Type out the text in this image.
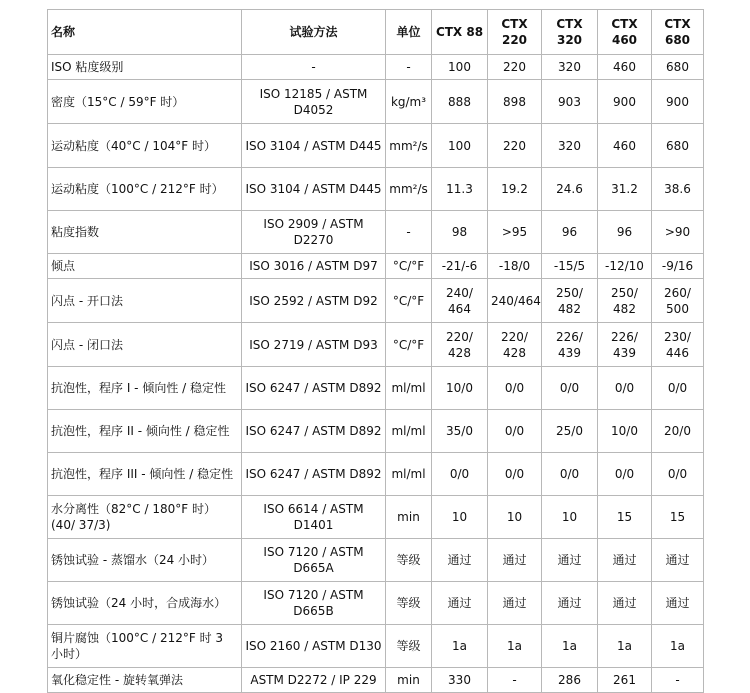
名称	试验方法	单位	CTX 88	CTX 220	CTX 320	CTX 460	CTX 680
ISO 粘度级别	-	-	100	220	320	460	680
密度（15°C / 59°F 时）	ISO 12185 / ASTM D4052	kg/m³	888	898	903	900	900
运动粘度（40°C / 104°F 时）	ISO 3104 / ASTM D445	mm²/s	100	220	320	460	680
运动粘度（100°C / 212°F 时）	ISO 3104 / ASTM D445	mm²/s	11.3	19.2	24.6	31.2	38.6
粘度指数	ISO 2909 / ASTM D2270	-	98	>95	96	96	>90
倾点	ISO 3016 / ASTM D97	°C/°F	-21/-6	-18/0	-15/5	-12/10	-9/16
闪点 - 开口法	ISO 2592 / ASTM D92	°C/°F	240/ 464	240/464	250/ 482	250/ 482	260/ 500
闪点 - 闭口法	ISO 2719 / ASTM D93	°C/°F	220/ 428	220/ 428	226/ 439	226/ 439	230/ 446
抗泡性，程序 I - 倾向性 / 稳定性	ISO 6247 / ASTM D892	ml/ml	10/0	0/0	0/0	0/0	0/0
抗泡性，程序 II - 倾向性 / 稳定性	ISO 6247 / ASTM D892	ml/ml	35/0	0/0	25/0	10/0	20/0
抗泡性，程序 III - 倾向性 / 稳定性	ISO 6247 / ASTM D892	ml/ml	0/0	0/0	0/0	0/0	0/0
水分离性（82°C / 180°F 时）(40/ 37/3)	ISO 6614 / ASTM D1401	min	10	10	10	15	15
锈蚀试验 - 蒸馏水（24 小时）	ISO 7120 / ASTM D665A	等级	通过	通过	通过	通过	通过
锈蚀试验（24 小时，合成海水）	ISO 7120 / ASTM D665B	等级	通过	通过	通过	通过	通过
铜片腐蚀（100°C / 212°F 时 3 小时）	ISO 2160 / ASTM D130	等级	1a	1a	1a	1a	1a
氧化稳定性 - 旋转氧弹法	ASTM D2272 / IP 229	min	330	-	286	261	-
